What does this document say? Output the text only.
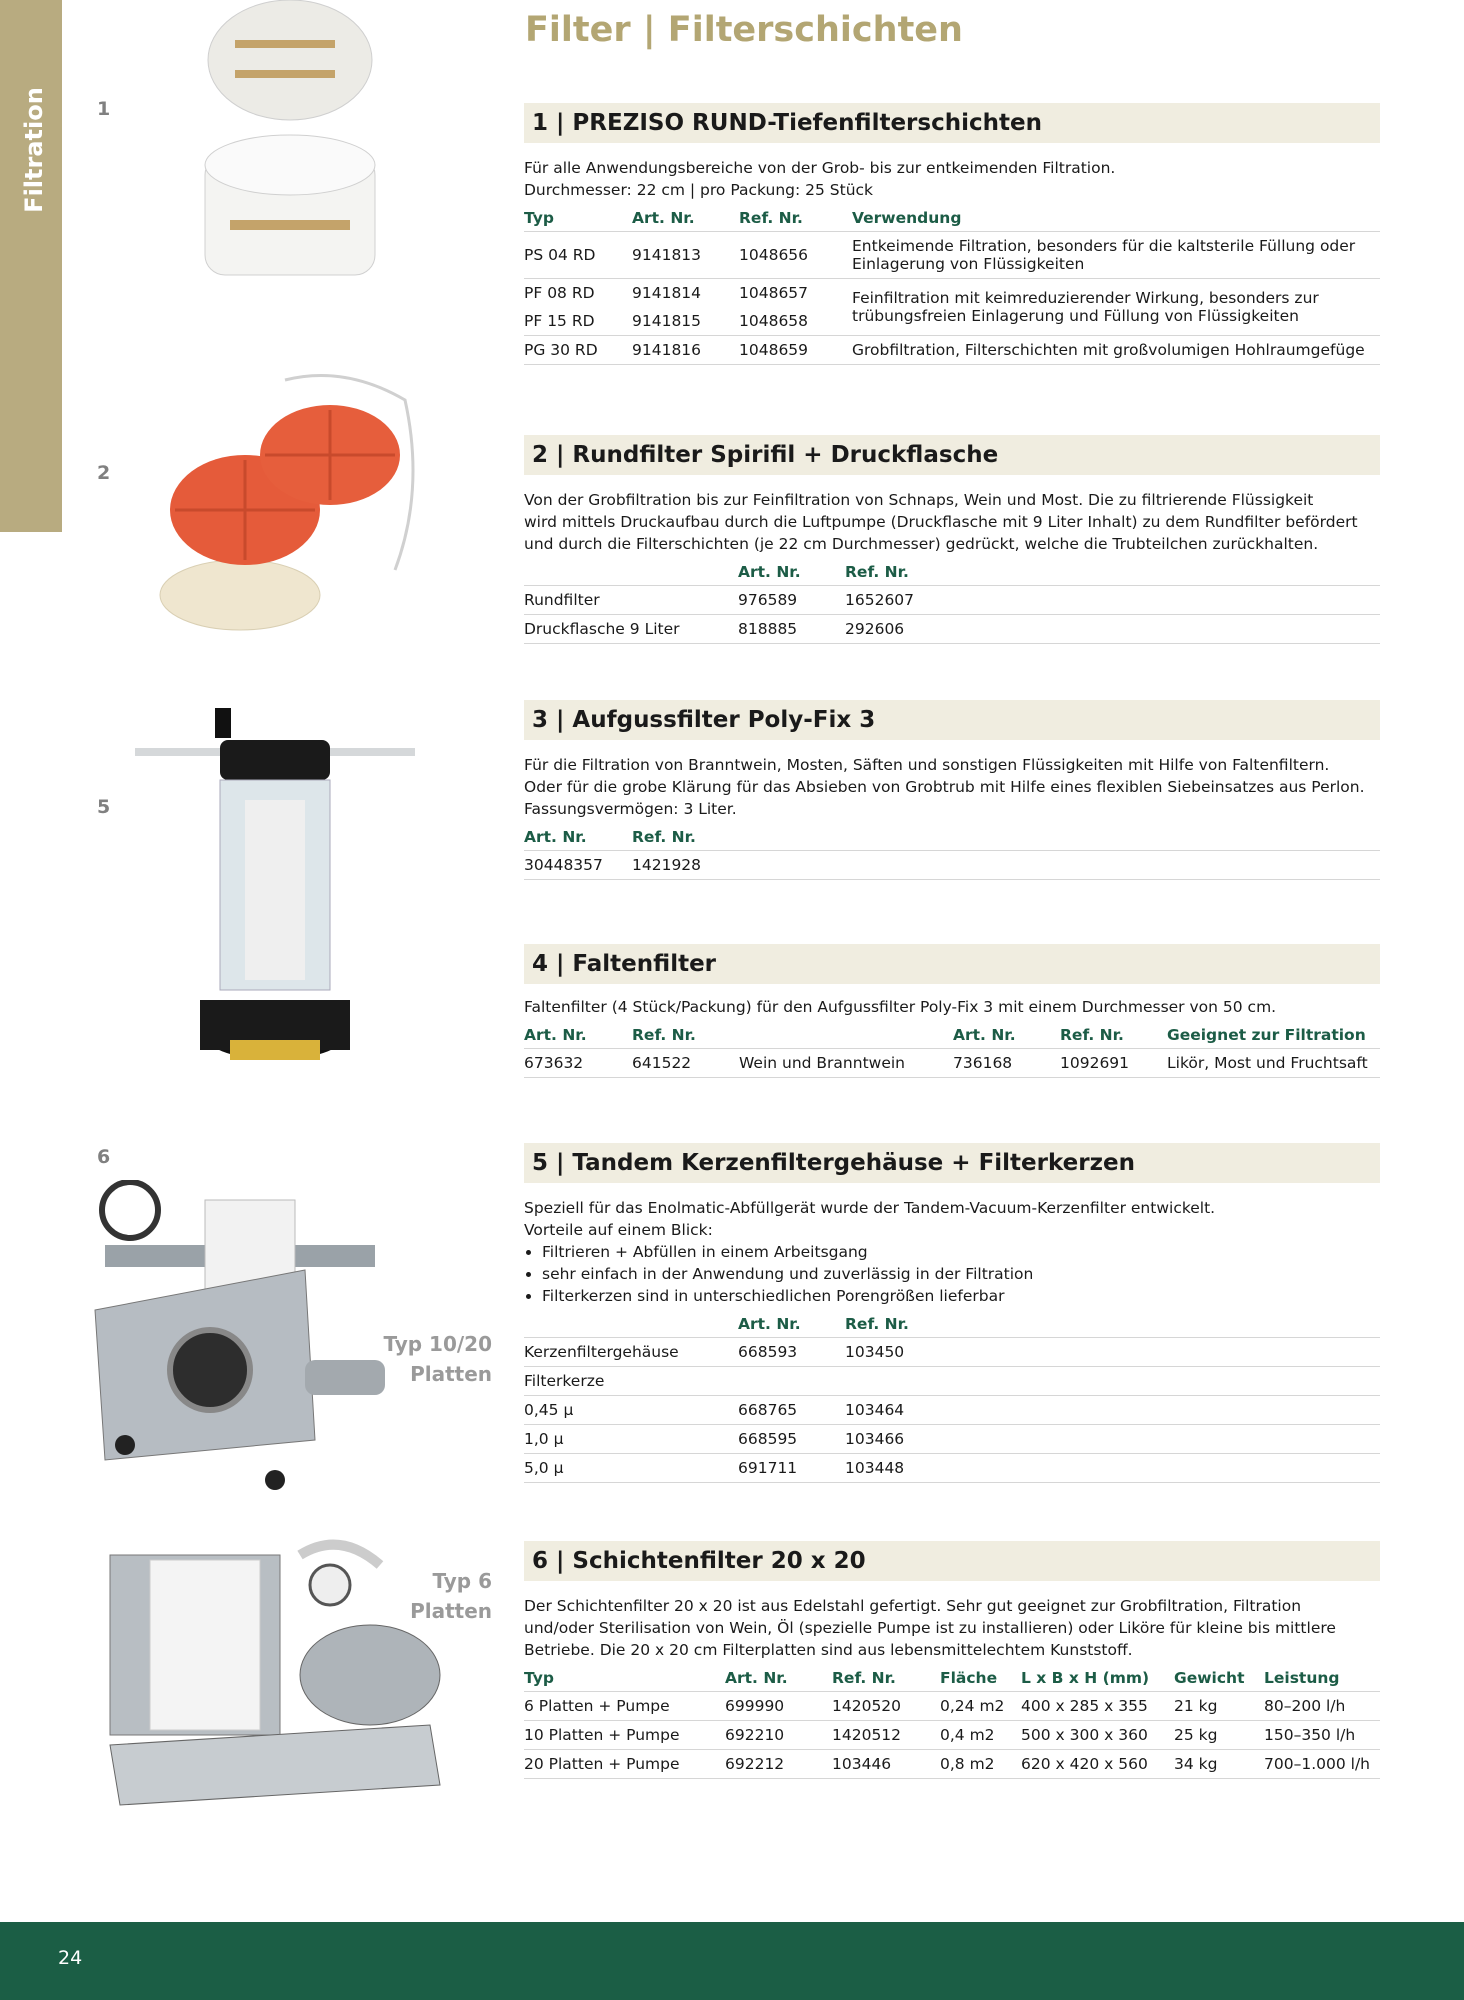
Filtration	1
2
5
6
Typ 10/20
Platten
Typ 6
Platten
Filter | Filterschichten
1 | PREZISO RUND-Tiefenfilterschichten
Für alle Anwendungsbereiche von der Grob- bis zur entkeimenden Filtration.
Durchmesser: 22 cm | pro Packung: 25 Stück
Typ	Art. Nr.	Ref. Nr.	Verwendung
PS 04 RD	9141813	1048656	Entkeimende Filtration, besonders für die kaltsterile Füllung oder Einlagerung von Flüssigkeiten
PF 08 RD	9141814	1048657	Feinfiltration mit keimreduzierender Wirkung, besonders zur trübungsfreien Einlagerung und Füllung von Flüssigkeiten
PF 15 RD	9141815	1048658	
PG 30 RD	9141816	1048659	Grobfiltration, Filterschichten mit großvolumigen Hohlraumgefüge
2 | Rundfilter Spirifil + Druckflasche
Von der Grobfiltration bis zur Feinfiltration von Schnaps, Wein und Most. Die zu filtrierende Flüssigkeit
wird mittels Druckaufbau durch die Luftpumpe (Druckflasche mit 9 Liter Inhalt) zu dem Rundfilter befördert
und durch die Filterschichten (je 22 cm Durchmesser) gedrückt, welche die Trubteilchen zurückhalten.
	Art. Nr.	Ref. Nr.
Rundfilter	976589	1652607
Druckflasche 9 Liter	818885	292606
3 | Aufgussfilter Poly-Fix 3
Für die Filtration von Branntwein, Mosten, Säften und sonstigen Flüssigkeiten mit Hilfe von Faltenfiltern.
Oder für die grobe Klärung für das Absieben von Grobtrub mit Hilfe eines flexiblen Siebeinsatzes aus Perlon.
Fassungsvermögen: 3 Liter.
Art. Nr.	Ref. Nr.
30448357	1421928
4 | Faltenfilter
Faltenfilter (4 Stück/Packung) für den Aufgussfilter Poly-Fix 3 mit einem Durchmesser von 50 cm.
Art. Nr.	Ref. Nr.		Art. Nr.	Ref. Nr.	Geeignet zur Filtration
673632	641522	Wein und Branntwein	736168	1092691	Likör, Most und Fruchtsaft
5 | Tandem Kerzenfiltergehäuse + Filterkerzen
Speziell für das Enolmatic-Abfüllgerät wurde der Tandem-Vacuum-Kerzenfilter entwickelt.
Vorteile auf einem Blick:
• Filtrieren + Abfüllen in einem Arbeitsgang
• sehr einfach in der Anwendung und zuverlässig in der Filtration
• Filterkerzen sind in unterschiedlichen Porengrößen lieferbar
	Art. Nr.	Ref. Nr.
Kerzenfiltergehäuse	668593	103450
Filterkerze		
0,45 µ	668765	103464
1,0 µ	668595	103466
5,0 µ	691711	103448
6 | Schichtenfilter 20 x 20
Der Schichtenfilter 20 x 20 ist aus Edelstahl gefertigt. Sehr gut geeignet zur Grobfiltration, Filtration
und/oder Sterilisation von Wein, Öl (spezielle Pumpe ist zu installieren) oder Liköre für kleine bis mittlere
Betriebe. Die 20 x 20 cm Filterplatten sind aus lebensmittelechtem Kunststoff.
Typ	Art. Nr.	Ref. Nr.	Fläche	L x B x H (mm)	Gewicht	Leistung
6 Platten + Pumpe	699990	1420520	0,24 m2	400 x 285 x 355	21 kg	80–200 l/h
10 Platten + Pumpe	692210	1420512	0,4 m2	500 x 300 x 360	25 kg	150–350 l/h
20 Platten + Pumpe	692212	103446	0,8 m2	620 x 420 x 560	34 kg	700–1.000 l/h
24
